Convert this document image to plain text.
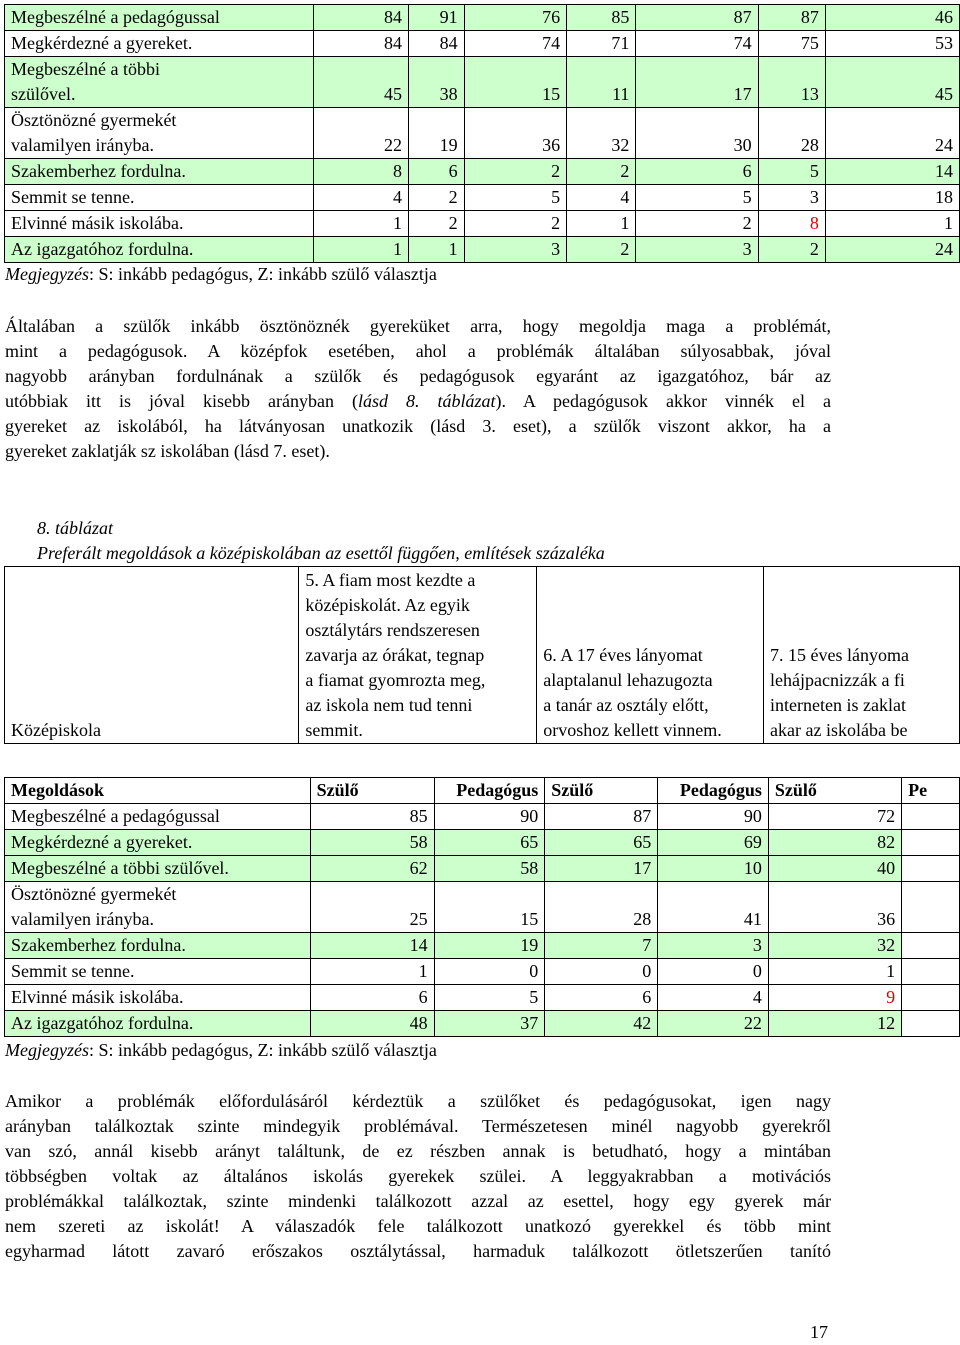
Megbeszélné a pedagógussal	84	91	76	85	87	87	46

Megkérdezné a gyereket.	84	84	74	71	74	75	53

Megbeszélné a többi
szülővel.	45	38	15	11	17	13	45

Ösztönözné gyermekét
valamilyen irányba.	22	19	36	32	30	28	24

Szakemberhez fordulna.	8	6	2	2	6	5	14

Semmit se tenne.	4	2	5	4	5	3	18

Elvinné másik iskolába.	1	2	2	1	2	8	1

Az igazgatóhoz fordulna.	1	1	3	2	3	2	24
Megjegyzés: S: inkább pedagógus, Z: inkább szülő választja
Általában a szülők inkább ösztönöznék gyereküket arra, hogy megoldja maga a problémát,
mint a pedagógusok. A középfok esetében, ahol a problémák általában súlyosabbak, jóval
nagyobb arányban fordulnának a szülők és pedagógusok egyaránt az igazgatóhoz, bár az
utóbbiak itt is jóval kisebb arányban (lásd 8. táblázat). A pedagógusok akkor vinnék el a
gyereket az iskolából, ha látványosan unatkozik (lásd 3. eset), a szülők viszont akkor, ha a
gyereket zaklatják sz iskolában (lásd 7. eset).
8. táblázat
Preferált megoldások a középiskolában az esettől függően, említések százaléka
Középiskola	
5. A fiam most kezdte a
középiskolát. Az egyik
osztálytárs rendszeresen
zavarja az órákat, tegnap
a fiamat gyomrozta meg,
az iskola nem tud tenni
semmit.

6. A 17 éves lányomat
alaptalanul lehazugozta
a tanár az osztály előtt,
orvoshoz kellett vinnem.

7. 15 éves lányoma
lehájpacnizzák a fi
interneten is zaklat
akar az iskolába be
Megoldások	Szülő	Pedagógus	Szülő	Pedagógus	Szülő	Pe

Megbeszélné a pedagógussal	85	90	87	90	72	

Megkérdezné a gyereket.	58	65	65	69	82	

Megbeszélné a többi szülővel.	62	58	17	10	40	

Ösztönözné gyermekét
valamilyen irányba.	25	15	28	41	36	

Szakemberhez fordulna.	14	19	7	3	32	

Semmit se tenne.	1	0	0	0	1	

Elvinné másik iskolába.	6	5	6	4	9	

Az igazgatóhoz fordulna.	48	37	42	22	12	
Megjegyzés: S: inkább pedagógus, Z: inkább szülő választja
Amikor a problémák előfordulásáról kérdeztük a szülőket és pedagógusokat, igen nagy
arányban találkoztak szinte mindegyik problémával. Természetesen minél nagyobb gyerekről
van szó, annál kisebb arányt találtunk, de ez részben annak is betudható, hogy a mintában
többségben voltak az általános iskolás gyerekek szülei. A leggyakrabban a motivációs
problémákkal találkoztak, szinte mindenki találkozott azzal az esettel, hogy egy gyerek már
nem szereti az iskolát! A válaszadók fele találkozott unatkozó gyerekkel és több mint
egyharmad látott zavaró erőszakos osztálytással, harmaduk találkozott ötletszerűen tanító
17
